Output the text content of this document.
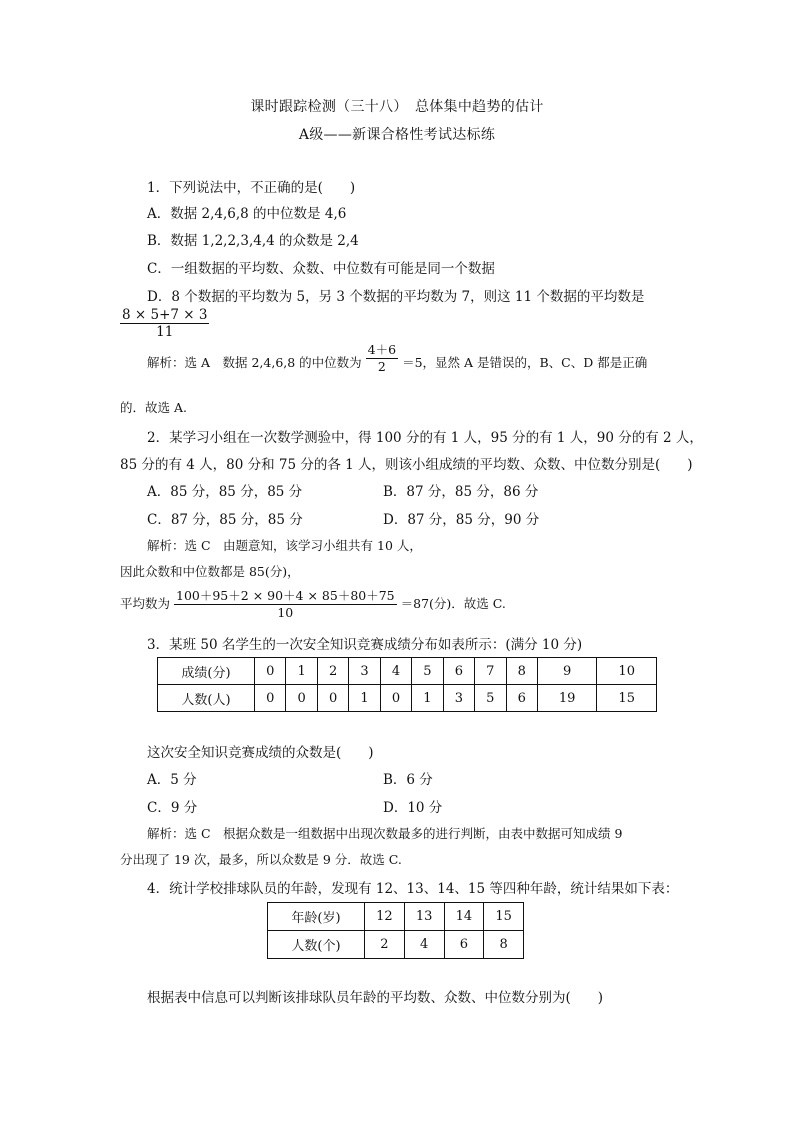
课时跟踪检测（三十八）　总体集中趋势的估计
A级——新课合格性考试达标练
1．下列说法中，不正确的是(　　)
A．数据 2,4,6,8 的中位数是 4,6
B．数据 1,2,2,3,4,4 的众数是 2,4
C．一组数据的平均数、众数、中位数有可能是同一个数据
D．8 个数据的平均数为 5，另 3 个数据的平均数为 7，则这 11 个数据的平均数是
$\frac{8 \times 5+7 \times 3}{11}$
解析：选 A　数据 2,4,6,8 的中位数为 $\frac{4+6}{2} =5$，显然 A 是错误的，B、C、D 都是正确
的．故选 A.
2．某学习小组在一次数学测验中，得 100 分的有 1 人，95 分的有 1 人，90 分的有 2 人，
85 分的有 4 人，80 分和 75 分的各 1 人，则该小组成绩的平均数、众数、中位数分别是(　　)
A．85 分，85 分，85 分	B．87 分，85 分，86 分
C．87 分，85 分，85 分	D．87 分，85 分，90 分
解析：选 C　由题意知，该学习小组共有 10 人，
因此众数和中位数都是 85(分)，
平均数为 $\frac{100+95+2 \times 90+4 \times 85+80+75}{10} =87$(分)．故选 C.
3．某班 50 名学生的一次安全知识竞赛成绩分布如表所示：(满分 10 分)
成绩(分)	0	1	2	3	4	5	6	7	8	9	10
人数(人)	0	0	0	1	0	1	3	5	6	19	15
这次安全知识竞赛成绩的众数是(　　)
A．5 分	B．6 分
C．9 分	D．10 分
解析：选 C　根据众数是一组数据中出现次数最多的进行判断，由表中数据可知成绩 9
分出现了 19 次，最多，所以众数是 9 分．故选 C.
4．统计学校排球队员的年龄，发现有 12、13、14、15 等四种年龄，统计结果如下表：
年龄(岁)	12	13	14	15
人数(个)	2	4	6	8
根据表中信息可以判断该排球队员年龄的平均数、众数、中位数分别为(　　)
